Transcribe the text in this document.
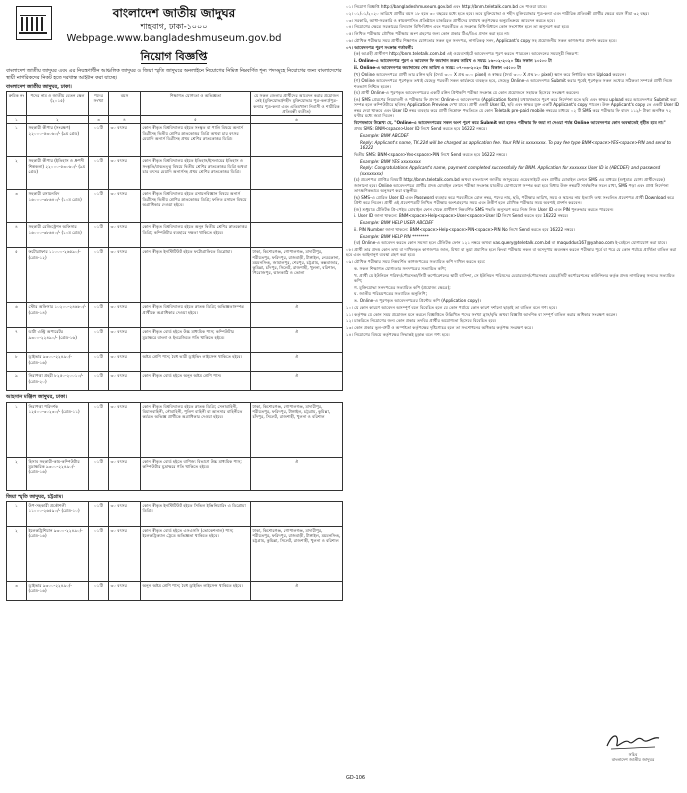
বাংলাদেশ জাতীয় জাদুঘর
শাহবাগ, ঢাকা-১০০০
Webpage.www.bangladeshmuseum.gov.bd
নিয়োগ বিজ্ঞপ্তি
বাংলাদেশ জাতীয় জাদুঘর এবং এর নিয়ন্ত্রণাধীন আঞ্চলিক জাদুঘর ও জিয়া স্মৃতি জাদুঘরে অনলাইনে নিয়োগের নিমিত্ত নিম্নবর্ণিত শূন্য পদসমূহে নিয়োগের জন্য বাংলাদেশের স্থায়ী নাগরিকদের নিকট হতে দরখাস্ত আহ্বান করা যাচ্ছে।
বাংলাদেশ জাতীয় জাদুঘর, ঢাকা।
ক্রমিক নং	পদের নাম ও জাতীয় বেতন স্কেল (২০১৫)	পদের সংখ্যা	বয়স	শিক্ষাগত যোগ্যতা ও অভিজ্ঞতা	যে সকল জেলার প্রার্থীদের আবেদন করার প্রয়োজন নেই (মুক্তিযোদ্ধা/শহীদ মুক্তিযোদ্ধার পুত্র-কন্যা/পুত্র-কন্যার পুত্র-কন্যা এবং এতিমখানা নিবাসী ও শারীরিক প্রতিবন্ধী ব্যতীত)
১	২	৩	৪	৫	৬
১	সহকারী কীপার (সংরক্ষণ) ২২০০০-৫৩০৬০/- (৯ম গ্রেড)	০১টি	৩০ বৎসর	কোন স্বীকৃত বিশ্ববিদ্যালয় হইতে সংস্কৃত বা পালি বিষয়ে অনার্স ডিগ্রীসহ দ্বিতীয় শ্রেণির স্নাতকোত্তর ডিগ্রি অথবা চার বৎসর মেয়াদি অনার্স ডিগ্রীসহ প্রথম শ্রেণির স্নাতকোত্তর ডিগ্রি।	
২	সহকারী কীপার (ইতিহাস ও ধ্রুপদী শিল্পকলা) ২২০০০-৫৩০৬০/- (৯ম গ্রেড)	০১টি	৩০ বৎসর	কোন স্বীকৃত বিশ্ববিদ্যালয় হইতে ইতিহাস/ইসলামের ইতিহাস ও সংস্কৃতি/প্রত্নতত্ত্ব বিষয়ে দ্বিতীয় শ্রেণির স্নাতকোত্তর ডিগ্রি অথবা চার বৎসর মেয়াদি অনার্সসহ প্রথম শ্রেণির স্নাতকোত্তর ডিগ্রি।	
৩	সহকারী রসায়নবিদ ১৬০০০-৩৮৬৪০/- (১০ম গ্রেড)	০১টি	৩০ বৎসর	কোন স্বীকৃত বিশ্ববিদ্যালয় হইতে রসায়নবিজ্ঞান বিষয়ে অনার্স ডিগ্রীসহ দ্বিতীয় শ্রেণির স্নাতকোত্তর ডিগ্রি; ফলিত রসায়ন বিষয়ে অগ্রাধিকার দেওয়া হইবে।	
৪	সহকারী রেজিস্ট্রেশন অফিসার ১৬০০০-৩৮৬৪০/- (১০ম গ্রেড)	০১টি	৩০ বৎসর	কোন স্বীকৃত বিশ্ববিদ্যালয় হইতে অনূন দ্বিতীয় শ্রেণির স্নাতকোত্তর ডিগ্রি; কম্পিউটার ব্যবহারে দক্ষতা থাকিতে হইবে।	
৫	ফটোগ্রাফার ১১০০০-২৬৫৯০/- (গ্রেড-১২)	০১টি	৩০ বৎসর	কোন স্বীকৃত ইনস্টিটিউট হইতে ফটোগ্রাফিতে ডিপ্লোমা।	ঢাকা, কিশোরগঞ্জ, গোপালগঞ্জ, মাদারীপুর, শরীয়তপুর, ফরিদপুর, রাজবাড়ী, টাঙ্গাইল, নেত্রকোনা, ময়মনসিংহ, জামালপুর, শেরপুর, চট্টগ্রাম, কক্সবাজার, কুমিল্লা, চাঁদপুর, সিলেট, রাজশাহী, খুলনা, বরিশাল, পিরোজপুর, ঝালকাঠি ও ভোলা
৬	স্টোর অফিসার ১০২০০-২৪৬৮০/- (গ্রেড-১৪)	০১টি	৩০ বৎসর	কোন স্বীকৃত বিশ্ববিদ্যালয় হইতে স্নাতক ডিগ্রি; অভিজ্ঞতাসম্পন্ন প্রার্থীকে অগ্রাধিকার দেওয়া হইবে।	ঐ
৭	ডাটা এন্ট্রি অপারেটর ৯৩০০-২২৪৯০/- (গ্রেড-১৬)	০১টি	৩০ বৎসর	কোন স্বীকৃত বোর্ড হইতে উচ্চ মাধ্যমিক পাস; কম্পিউটার মুদ্রাক্ষরে বাংলা ও ইংরেজিতে গতি থাকিতে হইবে।	ঐ
৮	ড্রাইভার ৯৩০০-২২৪৯০/- (গ্রেড-১৬)	০১টি	৩০ বৎসর	অষ্টম শ্রেণি পাস; বৈধ ভারী ড্রাইভিং লাইসেন্স থাকিতে হইবে।	ঐ
৯	নিরাপত্তা প্রহরী ৮২৫০-২০০১০/- (গ্রেড-২০)	০১টি	৩০ বৎসর	কোন স্বীকৃত বোর্ড হইতে অনূন অষ্টম শ্রেণি পাস।	ঐ
আহসান মঞ্জিল জাদুঘর, ঢাকা।
১	নিরাপত্তা পরিদর্শক ১২৫০০-৩০২৩০/- (গ্রেড-১১)	০১টি	৩০ বৎসর	কোন স্বীকৃত বিশ্ববিদ্যালয় হইতে স্নাতক ডিগ্রি; সেনাবাহিনী, বিমানবাহিনী, নৌবাহিনী, পুলিশ বাহিনী বা আনসার বাহিনীতে কর্মরত অভিজ্ঞ প্রার্থীকে অগ্রাধিকার দেওয়া হইবে।	ঢাকা, কিশোরগঞ্জ, গোপালগঞ্জ, মাদারীপুর, শরীয়তপুর, ফরিদপুর, টাঙ্গাইল, চট্টগ্রাম, কুমিল্লা, চাঁদপুর, সিলেট, রাজশাহী, খুলনা ও বরিশাল
২	হিসাব সহকারী-কাম-কম্পিউটার মুদ্রাক্ষরিক ৯৩০০-২২৪৯০/- (গ্রেড-১৬)	০১টি	৩০ বৎসর	কোন স্বীকৃত বোর্ড হইতে বাণিজ্য বিভাগে উচ্চ মাধ্যমিক পাস; কম্পিউটার মুদ্রাক্ষরে গতি থাকিতে হইবে।	ঐ
জিয়া স্মৃতি জাদুঘর, চট্টগ্রাম।
১	উপ-সহকারী প্রকৌশলী ১১০০০-২৬৫৯০/- (গ্রেড-১০)	০১টি	৩০ বৎসর	কোন স্বীকৃত ইনস্টিটিউট হইতে সিভিল ইঞ্জিনিয়ারিং এ ডিপ্লোমা ডিগ্রি।	
২	ইলেকট্রিশিয়ান ৯৩০০-২২৪৯০/- (গ্রেড-১৬)	০১টি	৩০ বৎসর	কোন স্বীকৃত বোর্ড হইতে এসএসসি (ভোকেশনাল) পাস; ইলেকট্রিক্যাল ট্রেডে অভিজ্ঞতা থাকিতে হইবে।	ঢাকা, কিশোরগঞ্জ, গোপালগঞ্জ, মাদারীপুর, শরীয়তপুর, ফরিদপুর, রাজবাড়ী, টাঙ্গাইল, ময়মনসিংহ, চট্টগ্রাম, কুমিল্লা, সিলেট, রাজশাহী, খুলনা ও বরিশাল
৩	ড্রাইভার ৯৩০০-২২৪৯০/- (গ্রেড-১৬)	০১টি	৩০ বৎসর	অনূন অষ্টম শ্রেণি পাস; বৈধ ড্রাইভিং লাইসেন্স থাকিতে হইবে।	ঐ

০১। নিয়োগ বিজ্ঞপ্তি http://bangladeshmuseum.gov.bd এবং http://bnm.teletalk.com.bd তে পাওয়া যাবে।

০২। ০১/০১/২০২০ তারিখে প্রার্থীর বয়স ১৮ হতে ৩০ বছরের মধ্যে হতে হবে। তবে মুক্তিযোদ্ধা ও শহীদ মুক্তিযোদ্ধার পুত্র-কন্যা এবং শারীরিক প্রতিবন্ধী প্রার্থীর ক্ষেত্রে বয়স সীমা ৩২ বছর।

০৩। সরকারি, আধা-সরকারি ও স্বায়ত্তশাসিত প্রতিষ্ঠানে চাকরিরত প্রার্থীদের যথাযথ কর্তৃপক্ষের অনুমতিক্রমে আবেদন করতে হবে।

০৪। নিয়োগের ক্ষেত্রে সরকারের বিদ্যমান বিধি-বিধান এবং পরবর্তীতে এ সংক্রান্ত বিধি-বিধানে কোন সংশোধন হলে তা অনুসরণ করা হবে।

০৫। লিখিত পরীক্ষায় মৌখিক পরীক্ষায় অংশ গ্রহণের জন্য কোন প্রকার টিএ/ডিএ প্রদান করা হবে না।

০৬। মৌখিক পরীক্ষার সময় প্রার্থীর শিক্ষাগত যোগ্যতার সকল মূল সনদপত্র, নাগরিকত্ব সনদ, Applicant's copy সহ প্রয়োজনীয় সকল কাগজপত্র প্রদর্শন করতে হবে।

০৭। আবেদনপত্র পূরণ সংক্রান্ত শর্তাবলী:

(ক) আগ্রহী প্রার্থীগণ http://bnm.teletalk.com.bd এই ওয়েবসাইটে আবেদনপত্র পূরণ করতে পারবেন। আবেদনের সময়সূচী নিম্নরূপ:

i. Online-এ আবেদনপত্র পূরণ ও আবেদন ফি জমাদান শুরুর তারিখ ও সময়: ১৬-০২-২০২০ খ্রিঃ সকাল ১০:০০ টা

ii. Online-এ আবেদনপত্র জমাদানের শেষ তারিখ ও সময়: ০৭-০৩-২০২০ খ্রিঃ বিকাল ০৫:০০ টা

(খ) Online আবেদনপত্রে প্রার্থী তার রঙ্গিন ছবি (দৈর্ঘ্য ৩০০ X প্রস্থ ৩০০ pixel) ও স্বাক্ষর (দৈর্ঘ্য ৩০০ X প্রস্থ ৮০ pixel) স্ক্যান করে নির্ধারিত স্থানে Upload করবেন।

(গ) Online আবেদনপত্রে পূরণকৃত তথ্যই যেহেতু পরবর্তী সকল কার্যক্রমে ব্যবহৃত হবে, সেহেতু Online-এ আবেদনপত্র Submit করার পূর্বেই পূরণকৃত সকল তথ্যের সঠিকতা সম্পর্কে প্রার্থী নিজে শতভাগ নিশ্চিত হবেন।

(ঘ) প্রার্থী Online-এ পূরণকৃত আবেদনপত্রের একটি রঙ্গিন প্রিন্টকপি পরীক্ষা সংক্রান্ত যে কোন প্রয়োজনে সহায়ক হিসেবে সংরক্ষণ করবেন।

(ঙ) SMS প্রেরণের নিয়মাবলী ও পরীক্ষার ফি প্রদান: Online-এ আবেদনপত্র (Application form) যথাযথভাবে পূরণ করে নির্দেশনা মতে ছবি এবং স্বাক্ষর upload করে আবেদনপত্র Submit করা সম্পন্ন হলে কম্পিউটারে ছবিসহ Application Preview দেখা যাবে। প্রার্থী একটি User ID, ছবি এবং স্বাক্ষর যুক্ত একটি Applicant's copy পাবেন। উক্ত Applicant's copy তে একটি User ID নম্বর দেয়া থাকবে এবং User ID নম্বর ব্যবহার করে প্রার্থী নিম্নোক্ত পদ্ধতিতে যে কোন Teletalk pre-paid mobile নম্বরের মাধ্যমে ০২ টি SMS করে পরীক্ষার ফি বাবদ ১১২/- টাকা অনধিক ৭২ ঘণ্টার মধ্যে জমা দিবেন।

বিশেষভাবে উল্লেখ্য যে, "Online-এ আবেদনপত্রের সকল অংশ পূরণ করে Submit করা হলেও পরীক্ষার ফি জমা না দেওয়া পর্যন্ত Online আবেদনপত্র কোন অবস্থাতেই গৃহীত হবে না।"

প্রথম SMS: BNM<space>User ID লিখে Send করতে হবে 16222 নম্বরে।

Example: BNM ABCDEF

Reply: Applicant's name, TK.224 will be charged as application fee. Your PIN is xxxxxxxx. To pay fee type BNM<space>YES<space>PIN and send to 16222

দ্বিতীয় SMS: BNM<space>Yes<space>PIN লিখে Send করতে হবে 16222 নম্বরে।

Example: BNM YES xxxxxxxx

Reply: Congratulations Applicant's name, payment completed successfully for BNM. Application for xxxxxxx User ID is (ABCDEF) and password (xxxxxxxx)

(চ) প্রবেশপত্র প্রাপ্তির বিষয়টি http://bnm.teletalk.com.bd অথবা বাংলাদেশ জাতীয় জাদুঘরের ওয়েবসাইটে এবং প্রার্থীর মোবাইল ফোনে SMS এর মাধ্যমে (শুধুমাত্র যোগ্য প্রার্থীদেরকে) জানানো হবে। Online আবেদনপত্রে প্রার্থীর প্রদত্ত মোবাইল ফোনে পরীক্ষা সংক্রান্ত যাবতীয় যোগাযোগ সম্পন্ন করা হবে বিধায় উক্ত নম্বরটি সার্বক্ষণিক সচল রাখা, SMS পড়া এবং প্রাপ্ত নির্দেশনা তাৎক্ষণিকভাবে অনুসরণ করা বাঞ্ছনীয়।

(ছ) SMS-এ প্রেরিত User ID এবং Password ব্যবহার করে পরবর্তীতে রোল নম্বর, পদের নাম, ছবি, পরীক্ষার তারিখ, সময় ও স্থানের নাম ইত্যাদি তথ্য সংবলিত প্রবেশপত্র প্রার্থী Download করে প্রিন্ট করে নিবেন। প্রার্থী এই প্রবেশপত্রটি লিখিত পরীক্ষায় অংশগ্রহণের সময় এবং উত্তীর্ণ হলে মৌখিক পরীক্ষার সময় অবশ্যই প্রদর্শন করবেন।

(জ) শুধুমাত্র টেলিটক প্রি-পেইড মোবাইল ফোন থেকে প্রার্থীগণ নিম্নবর্ণিত SMS পদ্ধতি অনুসরণ করে নিজ নিজ User ID এবং PIN পুনরুদ্ধার করতে পারবেন।

i. User ID জানা থাকলে: BNM<space>Help<space>User<space>User ID লিখে Send করতে হবে 16222 নম্বরে।

Example: BNM HELP USER ABCDEF

ii. PIN Number জানা থাকলে: BNM<space>Help<space>PIN<space>PIN No লিখে Send করতে হবে 16222 নম্বরে।

Example: BNM HELP PIN ********

(ঝ) Online-এ আবেদন করতে কোন সমস্যা হলে টেলিটক ফোন ১২১ নম্বরে অথবা vas.query@teletalk.com.bd বা maquddus167@yahoo.com ই-মেইলে যোগাযোগ করা যাবে।

০৮। প্রার্থী তার প্রদত্ত কোন তথ্য বা দাখিলকৃত কাগজপত্র জাল, মিথ্যা বা ভুয়া প্রমাণিত হলে কিংবা পরীক্ষায় নকল বা অসদুপায় অবলম্বন করলে পরীক্ষার পূর্বে বা পরে যে কোন পর্যায়ে প্রার্থিতা বাতিল করা হবে এবং আইনানুগ ব্যবস্থা গ্রহণ করা হবে।

০৯। মৌখিক পরীক্ষার সময় নিম্নবর্ণিত কাগজপত্রের সত্যায়িত কপি দাখিল করতে হবে:

ক. সকল শিক্ষাগত যোগ্যতার সনদপত্রের সত্যায়িত কপি;

খ. প্রার্থী যে ইউনিয়ন পরিষদ/পৌরসভা/সিটি কর্পোরেশনের স্থায়ী বাসিন্দা, সে ইউনিয়ন পরিষদের চেয়ারম্যান/পৌরসভার মেয়র/সিটি কর্পোরেশনের কাউন্সিলর কর্তৃক প্রদত্ত নাগরিকত্ব সনদের সত্যায়িত কপি;

গ. মুক্তিযোদ্ধা সনদপত্রের সত্যায়িত কপি (প্রযোজ্য ক্ষেত্রে);

ঘ. জাতীয় পরিচয়পত্রের সত্যায়িত অনুলিপি;

ঙ. Online-এ পূরণকৃত আবেদনপত্রের প্রিন্টেড কপি (Application copy)।

১০। যে কোন কারণে আবেদন অসম্পূর্ণ বলে বিবেচিত হলে যে কোন পর্যায়ে কোন কারণ দর্শানো ছাড়াই তা বাতিল বলে গণ্য হবে।

১১। কর্তৃপক্ষ যে কোন সময় প্রয়োজন মনে করলে বিজ্ঞপ্তিতে উল্লিখিত পদের সংখ্যা হ্রাস/বৃদ্ধি অথবা বিজ্ঞপ্তি আংশিক বা সম্পূর্ণ বাতিল করার অধিকার সংরক্ষণ করেন।

১২। চাকরিতে নিয়োগের জন্য কোন প্রকার তদবির প্রার্থীর অযোগ্যতা হিসেবে বিবেচিত হবে।

১৩। কোন প্রকার ভুল-ত্রুটি ও অস্পষ্টতা কর্তৃপক্ষের দৃষ্টিগোচর হলে তা সংশোধনের অধিকার কর্তৃপক্ষ সংরক্ষণ করে।

১৪। নিয়োগের বিষয়ে কর্তৃপক্ষের সিদ্ধান্তই চূড়ান্ত বলে গণ্য হবে।

সচিব
বাংলাদেশ জাতীয় জাদুঘর
GD-106
